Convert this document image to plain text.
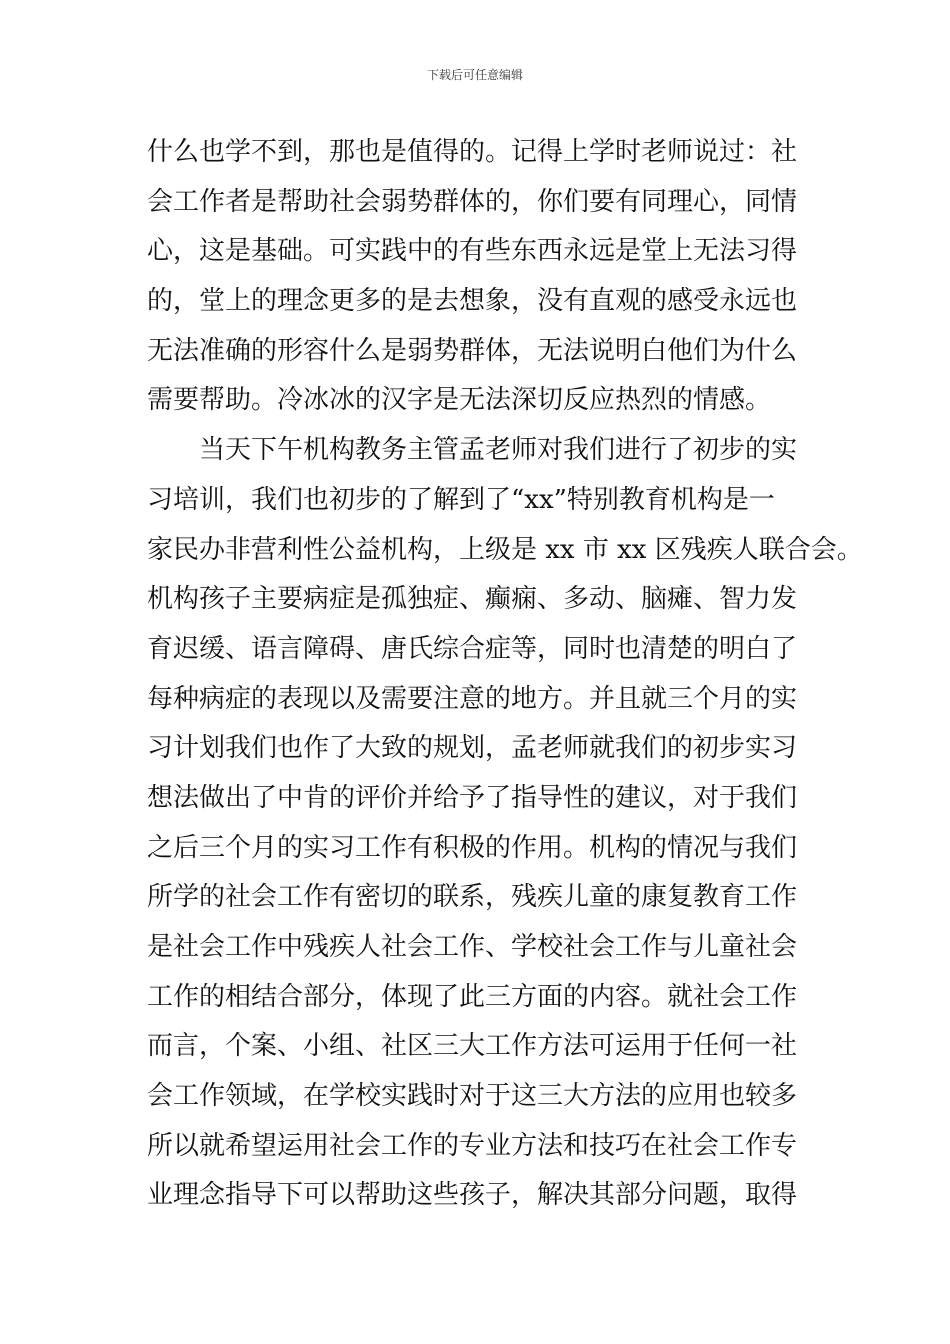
下载后可任意编辑
什么也学不到，那也是值得的。记得上学时老师说过：社
会工作者是帮助社会弱势群体的，你们要有同理心，同情
心，这是基础。可实践中的有些东西永远是堂上无法习得
的，堂上的理念更多的是去想象，没有直观的感受永远也
无法准确的形容什么是弱势群体，无法说明白他们为什么
需要帮助。冷冰冰的汉字是无法深切反应热烈的情感。
　　当天下午机构教务主管孟老师对我们进行了初步的实
习培训，我们也初步的了解到了“xx”特别教育机构是一
家民办非营利性公益机构，上级是 xx 市 xx 区残疾人联合会。
机构孩子主要病症是孤独症、癫痫、多动、脑瘫、智力发
育迟缓、语言障碍、唐氏综合症等，同时也清楚的明白了
每种病症的表现以及需要注意的地方。并且就三个月的实
习计划我们也作了大致的规划，孟老师就我们的初步实习
想法做出了中肯的评价并给予了指导性的建议，对于我们
之后三个月的实习工作有积极的作用。机构的情况与我们
所学的社会工作有密切的联系，残疾儿童的康复教育工作
是社会工作中残疾人社会工作、学校社会工作与儿童社会
工作的相结合部分，体现了此三方面的内容。就社会工作
而言，个案、小组、社区三大工作方法可运用于任何一社
会工作领域，在学校实践时对于这三大方法的应用也较多
所以就希望运用社会工作的专业方法和技巧在社会工作专
业理念指导下可以帮助这些孩子，解决其部分问题，取得
